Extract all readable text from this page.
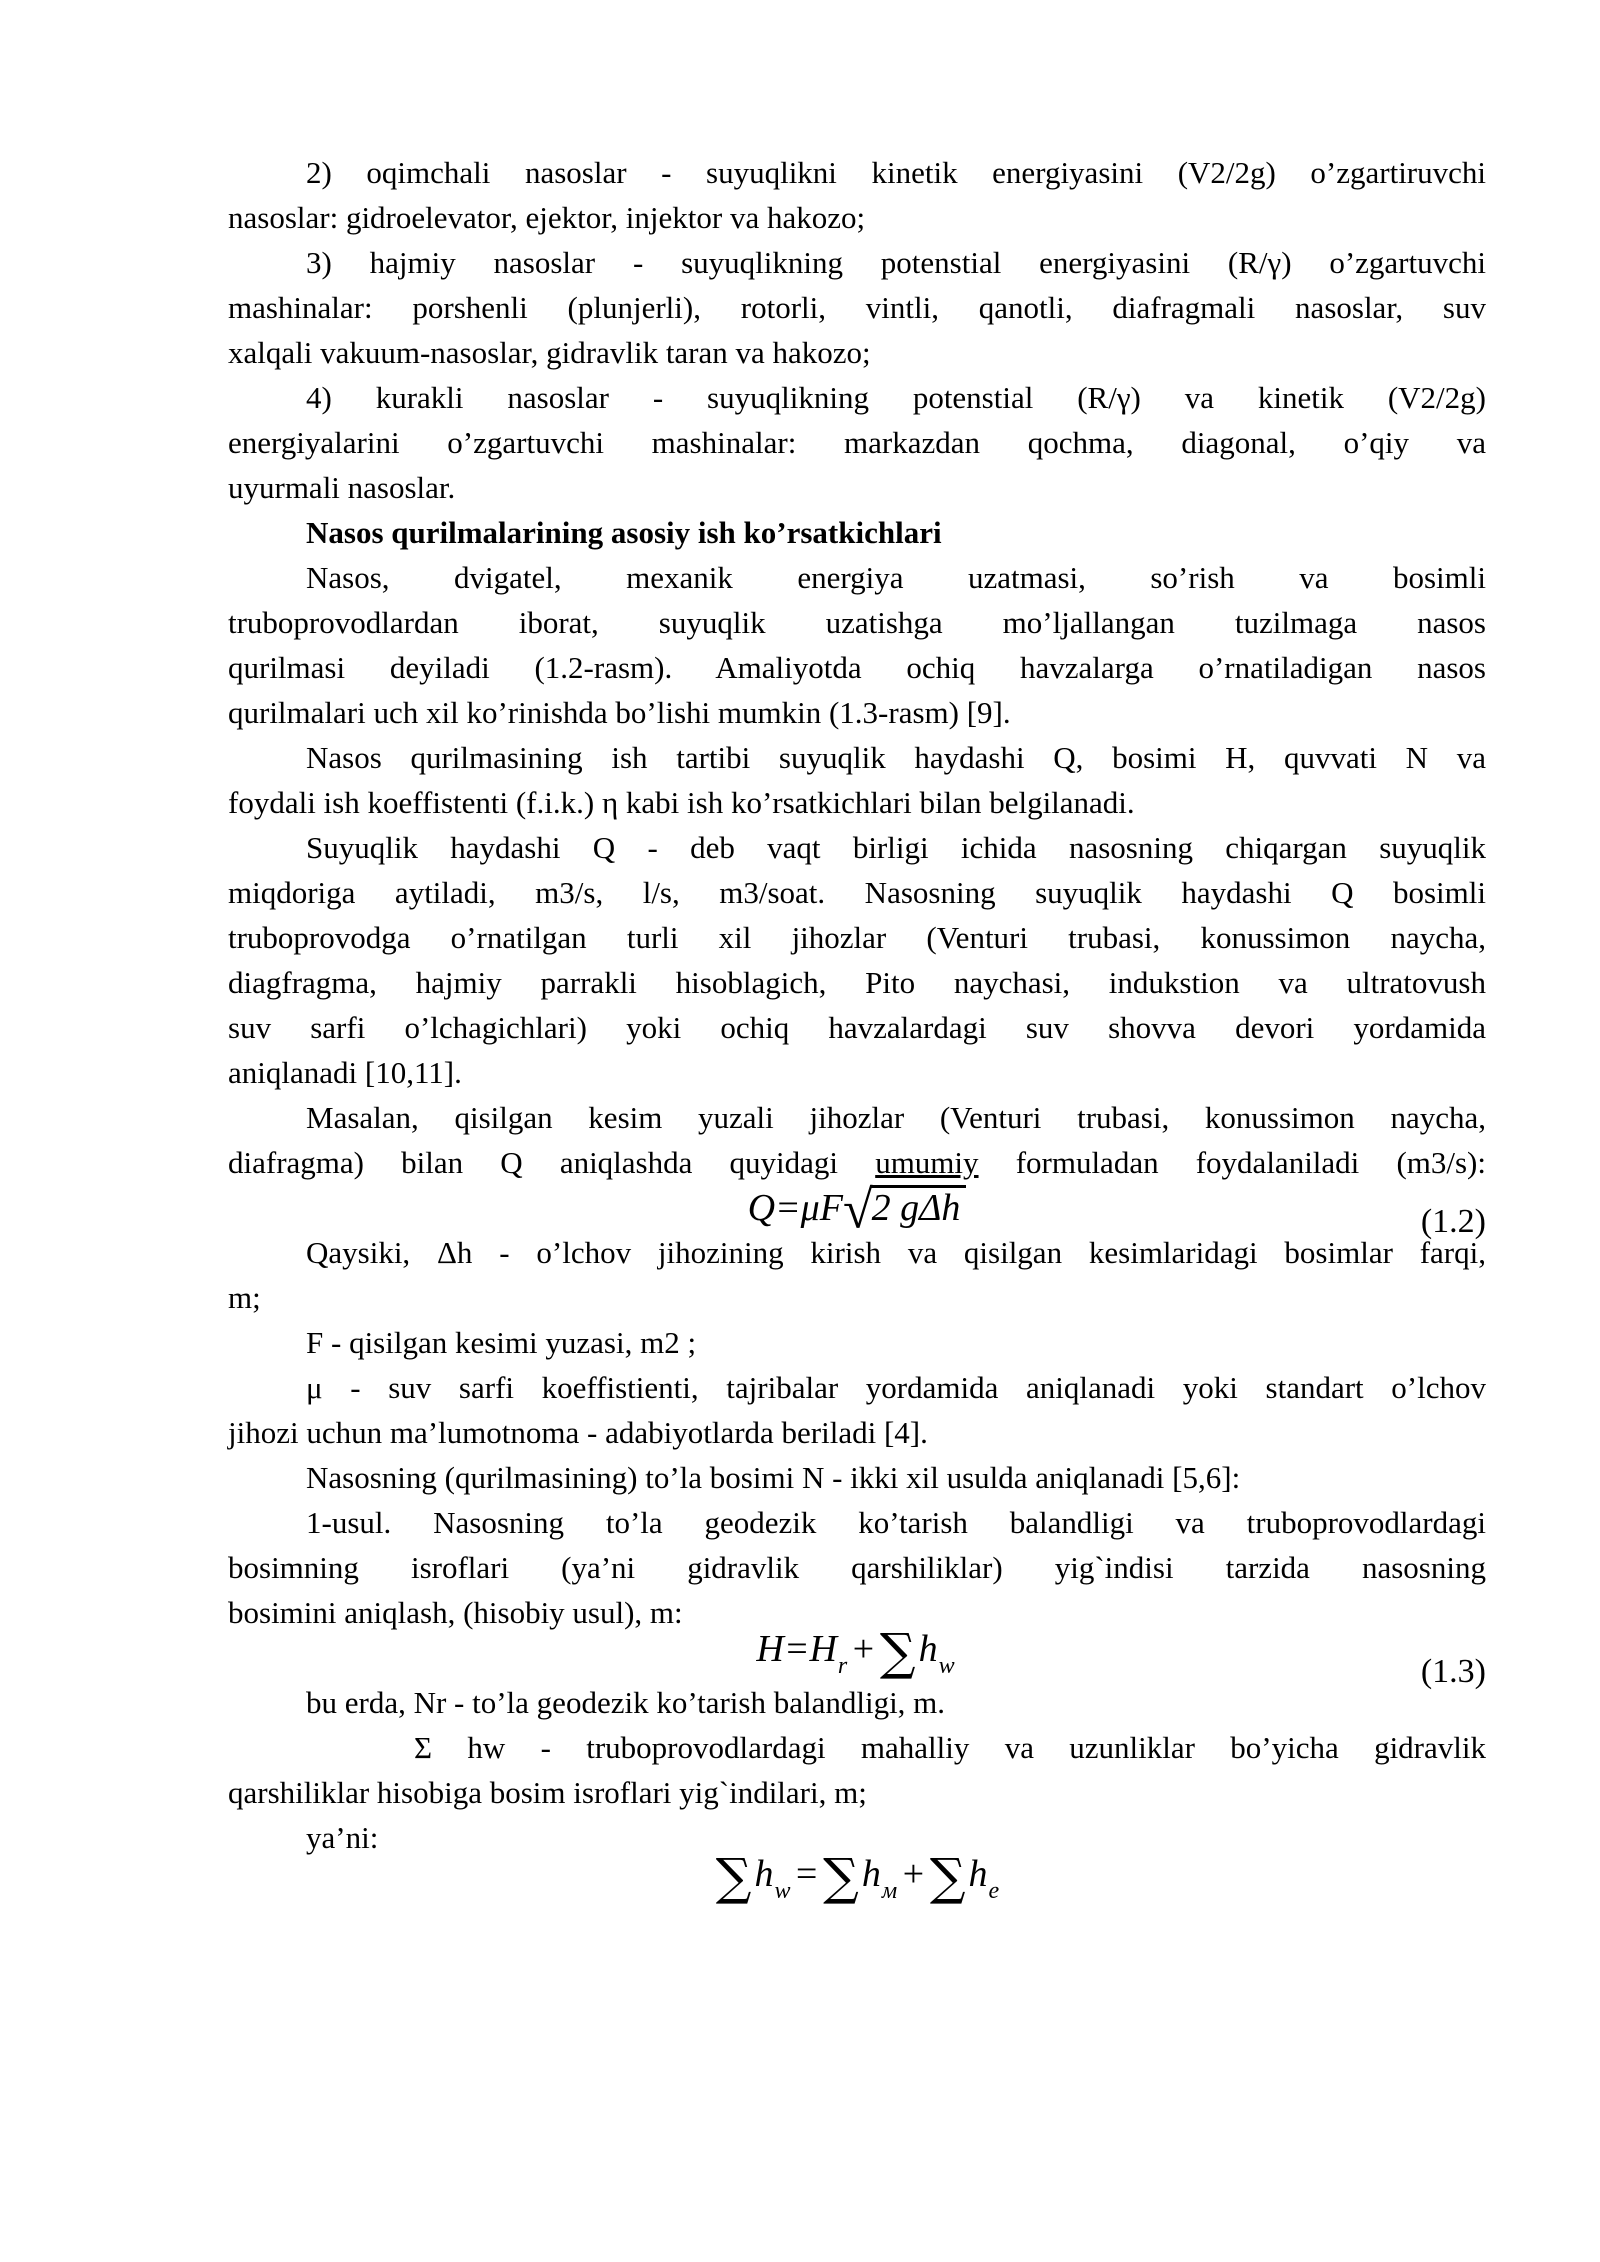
2) oqimchali nasoslar - suyuqlikni kinetik energiyasini (V2/2g) o’zgartiruvchi
nasoslar: gidroelevator, ejektor, injektor va hakozo;
3) hajmiy nasoslar - suyuqlikning potenstial energiyasini (R/γ) o’zgartuvchi
mashinalar: porshenli (plunjerli), rotorli, vintli, qanotli, diafragmali nasoslar, suv
xalqali vakuum-nasoslar, gidravlik taran va hakozo;
4) kurakli nasoslar - suyuqlikning potenstial (R/γ) va kinetik (V2/2g)
energiyalarini o’zgartuvchi mashinalar: markazdan qochma, diagonal, o’qiy va
uyurmali nasoslar.
Nasos qurilmalarining asosiy ish ko’rsatkichlari
Nasos, dvigatel, mexanik energiya uzatmasi, so’rish va bosimli
truboprovodlardan iborat, suyuqlik uzatishga mo’ljallangan tuzilmaga nasos
qurilmasi deyiladi (1.2-rasm). Amaliyotda ochiq havzalarga o’rnatiladigan nasos
qurilmalari uch xil ko’rinishda bo’lishi mumkin (1.3-rasm) [9].
Nasos qurilmasining ish tartibi suyuqlik haydashi Q, bosimi H, quvvati N va
foydali ish koeffistenti (f.i.k.) η kabi ish ko’rsatkichlari bilan belgilanadi.
Suyuqlik haydashi Q - deb vaqt birligi ichida nasosning chiqargan suyuqlik
miqdoriga aytiladi, m3/s, l/s, m3/soat. Nasosning suyuqlik haydashi Q bosimli
truboprovodga o’rnatilgan turli xil jihozlar (Venturi trubasi, konussimon naycha,
diagfragma, hajmiy parrakli hisoblagich, Pito naychasi, indukstion va ultratovush
suv sarfi o’lchagichlari) yoki ochiq havzalardagi suv shovva devori yordamida
aniqlanadi [10,11].
Masalan, qisilgan kesim yuzali jihozlar (Venturi trubasi, konussimon naycha,
diafragma) bilan Q aniqlashda quyidagi umumiy formuladan foydalaniladi (m3/s):
Q=μF√2 gΔh	(1.2)
Qaysiki, Δh - o’lchov jihozining kirish va qisilgan kesimlaridagi bosimlar farqi,
m;
F - qisilgan kesimi yuzasi, m2 ;
μ - suv sarfi koeffistienti, tajribalar yordamida aniqlanadi yoki standart o’lchov
jihozi uchun ma’lumotnoma - adabiyotlarda beriladi [4].
Nasosning (qurilmasining) to’la bosimi N - ikki xil usulda aniqlanadi [5,6]:
1-usul. Nasosning to’la geodezik ko’tarish balandligi va truboprovodlardagi
bosimning isroflari (ya’ni gidravlik qarshiliklar) yig`indisi tarzida nasosning
bosimini aniqlash, (hisobiy usul), m:
$H=H_r+\sum h_w$	(1.3)
bu erda, Nr - to’la geodezik ko’tarish balandligi, m.
Σ hw - truboprovodlardagi mahalliy va uzunliklar bo’yicha gidravlik
qarshiliklar hisobiga bosim isroflari yig`indilari, m;
ya’ni:
$\sum h_w=\sum h_м+\sum h_e$
